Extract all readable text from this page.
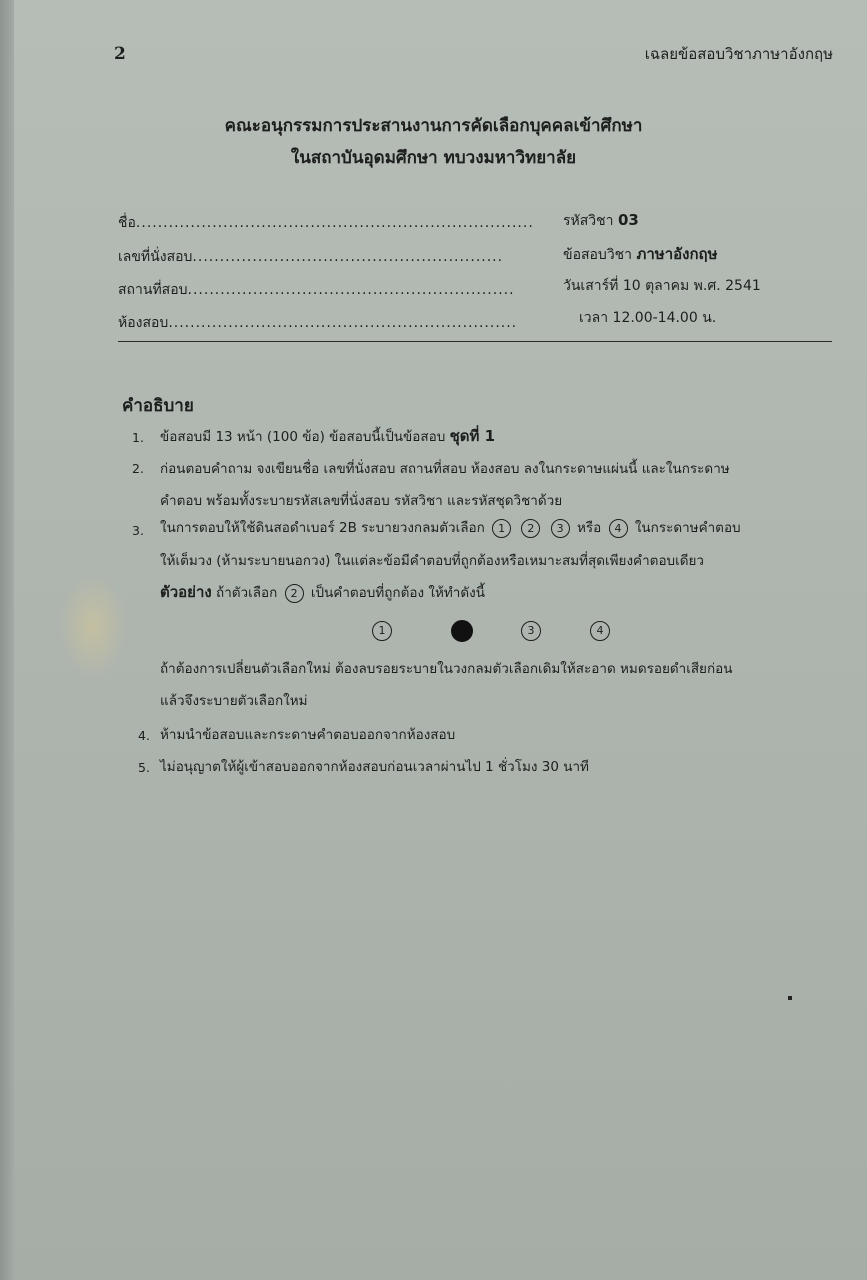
2	เฉลยข้อสอบวิชาภาษาอังกฤษ
คณะอนุกรรมการประสานงานการคัดเลือกบุคคลเข้าศึกษา
ในสถาบันอุดมศึกษา ทบวงมหาวิทยาลัย
ชื่อ.........................................................................
เลขที่นั่งสอบ.........................................................
สถานที่สอบ............................................................
ห้องสอบ................................................................
รหัสวิชา 03
ข้อสอบวิชา ภาษาอังกฤษ
วันเสาร์ที่ 10 ตุลาคม พ.ศ. 2541
เวลา 12.00-14.00 น.
คำอธิบาย
1. ข้อสอบมี 13 หน้า (100 ข้อ) ข้อสอบนี้เป็นข้อสอบ ชุดที่ 1
2. ก่อนตอบคำถาม จงเขียนชื่อ เลขที่นั่งสอบ สถานที่สอบ ห้องสอบ ลงในกระดาษแผ่นนี้ และในกระดาษ
คำตอบ พร้อมทั้งระบายรหัสเลขที่นั่งสอบ รหัสวิชา และรหัสชุดวิชาด้วย
3. ในการตอบให้ใช้ดินสอดำเบอร์ 2B ระบายวงกลมตัวเลือก 1 2 3 หรือ 4 ในกระดาษคำตอบ
ให้เต็มวง (ห้ามระบายนอกวง) ในแต่ละข้อมีคำตอบที่ถูกต้องหรือเหมาะสมที่สุดเพียงคำตอบเดียว
ตัวอย่าง ถ้าตัวเลือก 2 เป็นคำตอบที่ถูกต้อง ให้ทำดังนี้
1	3	4
ถ้าต้องการเปลี่ยนตัวเลือกใหม่ ต้องลบรอยระบายในวงกลมตัวเลือกเดิมให้สะอาด หมดรอยดำเสียก่อน
แล้วจึงระบายตัวเลือกใหม่
4. ห้ามนำข้อสอบและกระดาษคำตอบออกจากห้องสอบ
5. ไม่อนุญาตให้ผู้เข้าสอบออกจากห้องสอบก่อนเวลาผ่านไป 1 ชั่วโมง 30 นาที
